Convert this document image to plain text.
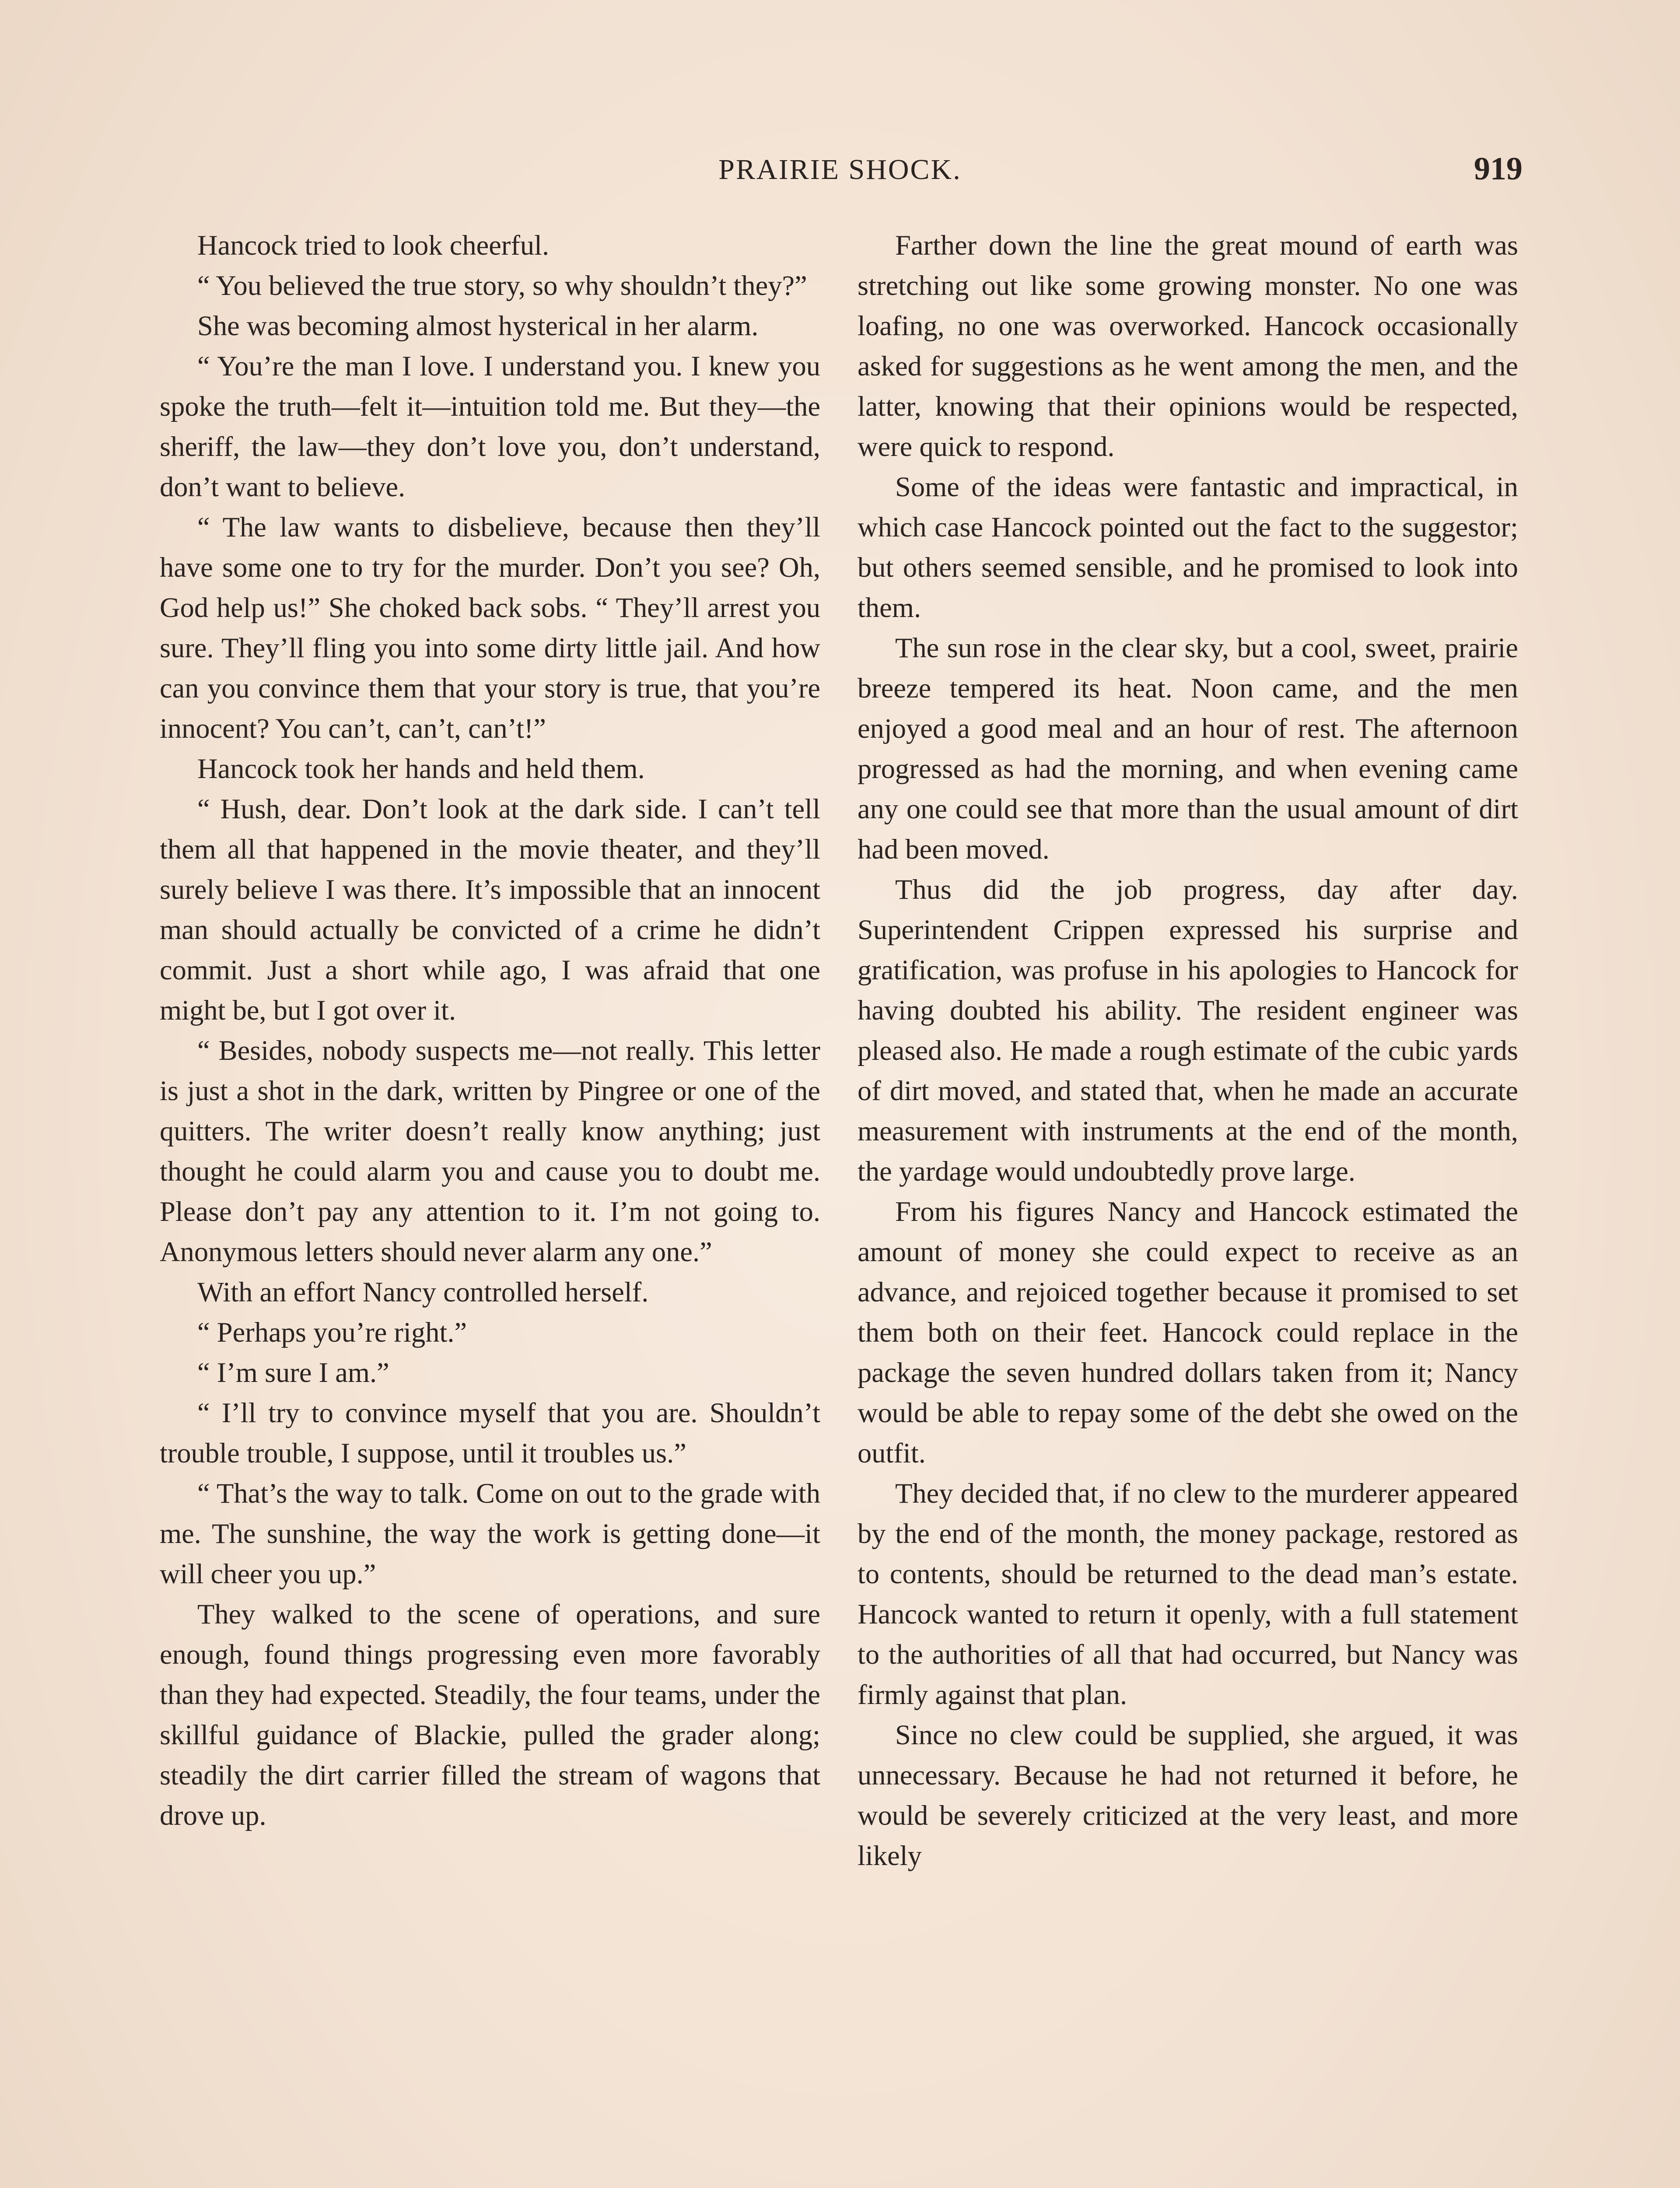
PRAIRIE SHOCK.	919

Hancock tried to look cheerful.

“ You believed the true story, so why shouldn’t they?”

She was becoming almost hysterical in her alarm.

“ You’re the man I love. I understand you. I knew you spoke the truth—felt it—intuition told me. But they—the sheriff, the law—they don’t love you, don’t understand, don’t want to believe.

“ The law wants to disbelieve, because then they’ll have some one to try for the murder. Don’t you see? Oh, God help us!” She choked back sobs. “ They’ll arrest you sure. They’ll fling you into some dirty little jail. And how can you convince them that your story is true, that you’re innocent? You can’t, can’t, can’t!”

Hancock took her hands and held them.

“ Hush, dear. Don’t look at the dark side. I can’t tell them all that happened in the movie theater, and they’ll surely believe I was there. It’s impossible that an innocent man should actually be convicted of a crime he didn’t commit. Just a short while ago, I was afraid that one might be, but I got over it.

“ Besides, nobody suspects me—not really. This letter is just a shot in the dark, written by Pingree or one of the quitters. The writer doesn’t really know anything; just thought he could alarm you and cause you to doubt me. Please don’t pay any attention to it. I’m not going to. Anonymous letters should never alarm any one.”

With an effort Nancy controlled herself.

“ Perhaps you’re right.”

“ I’m sure I am.”

“ I’ll try to convince myself that you are. Shouldn’t trouble trouble, I suppose, until it troubles us.”

“ That’s the way to talk. Come on out to the grade with me. The sunshine, the way the work is getting done—it will cheer you up.”

They walked to the scene of operations, and sure enough, found things progressing even more favorably than they had expected. Steadily, the four teams, under the skillful guidance of Blackie, pulled the grader along; steadily the dirt carrier filled the stream of wagons that drove up.

Farther down the line the great mound of earth was stretching out like some growing monster. No one was loafing, no one was overworked. Hancock occasionally asked for suggestions as he went among the men, and the latter, knowing that their opinions would be respected, were quick to respond.

Some of the ideas were fantastic and impractical, in which case Hancock pointed out the fact to the suggestor; but others seemed sensible, and he promised to look into them.

The sun rose in the clear sky, but a cool, sweet, prairie breeze tempered its heat. Noon came, and the men enjoyed a good meal and an hour of rest. The afternoon progressed as had the morning, and when evening came any one could see that more than the usual amount of dirt had been moved.

Thus did the job progress, day after day. Superintendent Crippen expressed his surprise and gratification, was profuse in his apologies to Hancock for having doubted his ability. The resident engineer was pleased also. He made a rough estimate of the cubic yards of dirt moved, and stated that, when he made an accurate measurement with instruments at the end of the month, the yardage would undoubtedly prove large.

From his figures Nancy and Hancock estimated the amount of money she could expect to receive as an advance, and rejoiced together because it promised to set them both on their feet. Hancock could replace in the package the seven hundred dollars taken from it; Nancy would be able to repay some of the debt she owed on the outfit.

They decided that, if no clew to the murderer appeared by the end of the month, the money package, restored as to contents, should be returned to the dead man’s estate. Hancock wanted to return it openly, with a full statement to the authorities of all that had occurred, but Nancy was firmly against that plan.

Since no clew could be supplied, she argued, it was unnecessary. Because he had not returned it before, he would be severely criticized at the very least, and more likely
